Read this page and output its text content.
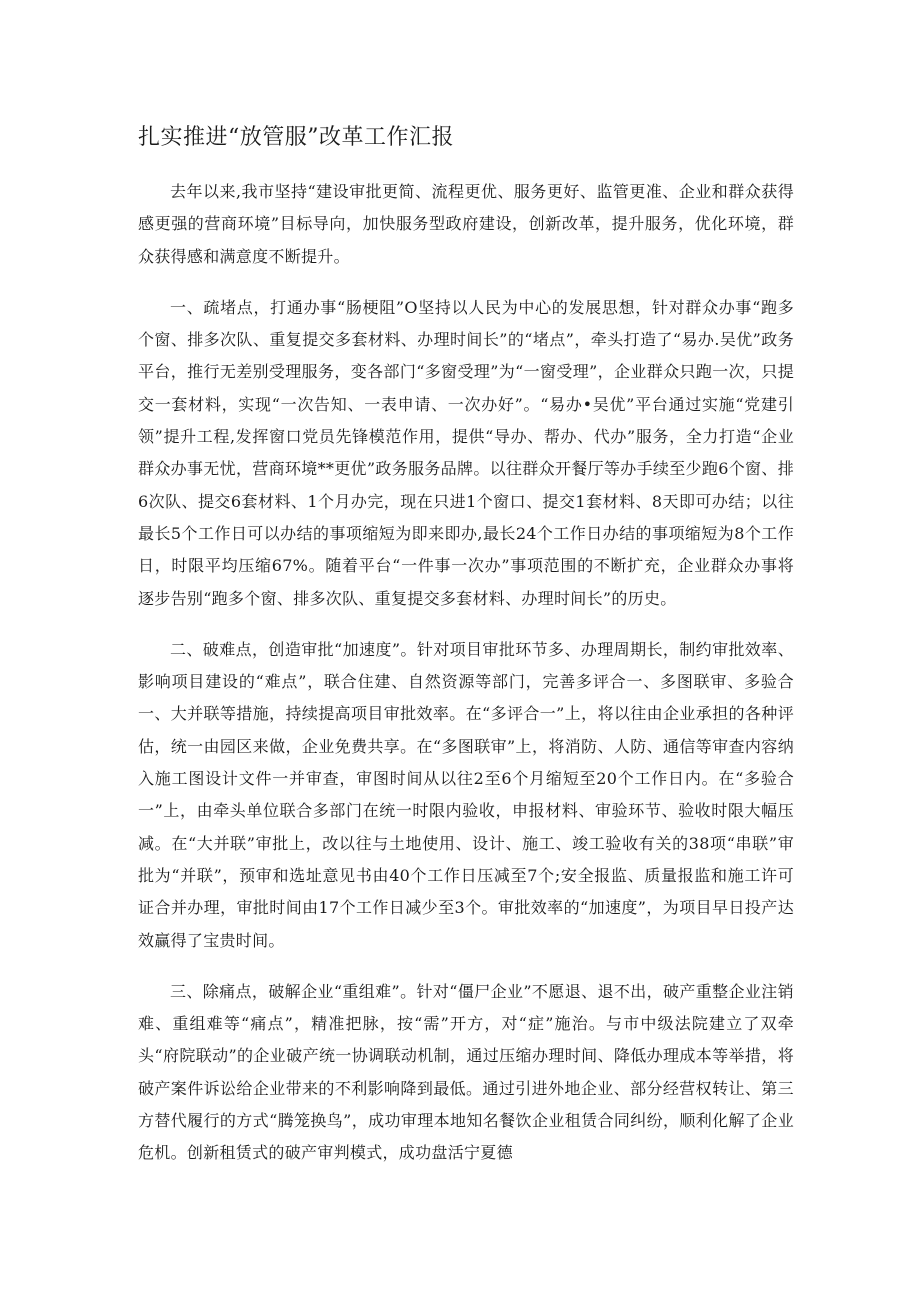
扎实推进“放管服”改革工作汇报

去年以来,我市坚持“建设审批更简、流程更优、服务更好、监管更准、企业和群众获得感更强的营商环境”目标导向，加快服务型政府建设，创新改革，提升服务，优化环境，群众获得感和满意度不断提升。

一、疏堵点，打通办事“肠梗阻”O坚持以人民为中心的发展思想，针对群众办事“跑多个窗、排多次队、重复提交多套材料、办理时间长”的“堵点”，牵头打造了“易办.吴优”政务平台，推行无差别受理服务，变各部门“多窗受理”为“一窗受理”，企业群众只跑一次，只提交一套材料，实现“一次告知、一表申请、一次办好”。“易办•吴优”平台通过实施“党建引领”提升工程,发挥窗口党员先锋模范作用，提供“导办、帮办、代办”服务，全力打造“企业群众办事无忧，营商环境**更优”政务服务品牌。以往群众开餐厅等办手续至少跑6个窗、排6次队、提交6套材料、1个月办完，现在只进1个窗口、提交1套材料、8天即可办结；以往最长5个工作日可以办结的事项缩短为即来即办,最长24个工作日办结的事项缩短为8个工作日，时限平均压缩67%。随着平台“一件事一次办”事项范围的不断扩充，企业群众办事将逐步告别“跑多个窗、排多次队、重复提交多套材料、办理时间长”的历史。

二、破难点，创造审批“加速度”。针对项目审批环节多、办理周期长，制约审批效率、影响项目建设的“难点”，联合住建、自然资源等部门，完善多评合一、多图联审、多验合一、大并联等措施，持续提高项目审批效率。在“多评合一”上，将以往由企业承担的各种评估，统一由园区来做，企业免费共享。在“多图联审”上，将消防、人防、通信等审查内容纳入施工图设计文件一并审查，审图时间从以往2至6个月缩短至20个工作日内。在“多验合一”上，由牵头单位联合多部门在统一时限内验收，申报材料、审验环节、验收时限大幅压减。在“大并联”审批上，改以往与土地使用、设计、施工、竣工验收有关的38项“串联”审批为“并联”，预审和选址意见书由40个工作日压减至7个;安全报监、质量报监和施工许可证合并办理，审批时间由17个工作日减少至3个。审批效率的“加速度”，为项目早日投产达效赢得了宝贵时间。

三、除痛点，破解企业“重组难”。针对“僵尸企业”不愿退、退不出，破产重整企业注销难、重组难等“痛点”，精准把脉，按“需”开方，对“症”施治。与市中级法院建立了双牵头“府院联动”的企业破产统一协调联动机制，通过压缩办理时间、降低办理成本等举措，将破产案件诉讼给企业带来的不利影响降到最低。通过引进外地企业、部分经营权转让、第三方替代履行的方式“腾笼换鸟”，成功审理本地知名餐饮企业租赁合同纠纷，顺利化解了企业危机。创新租赁式的破产审判模式，成功盘活宁夏德
